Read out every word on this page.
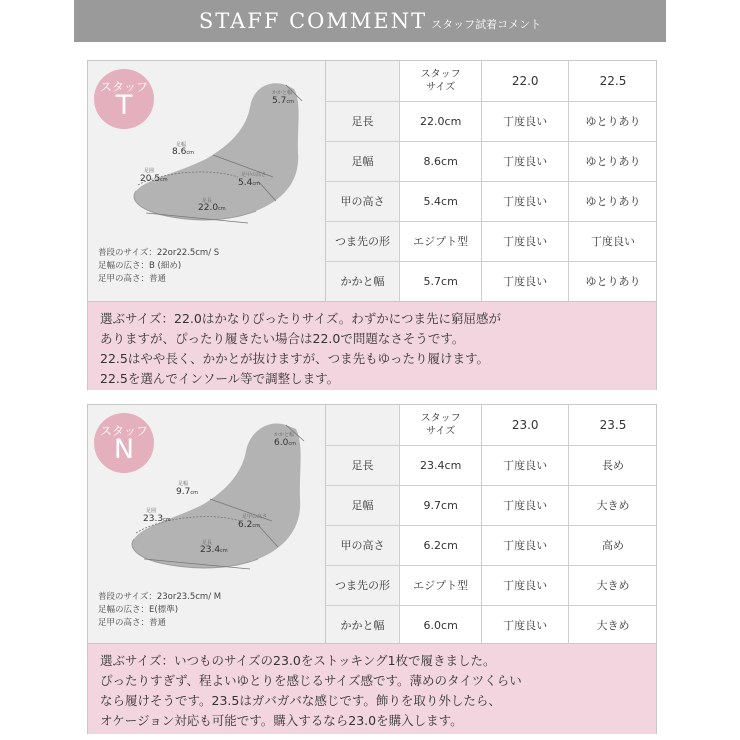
STAFF COMMENT スタッフ試着コメント
スタッフ
T	かかと幅
5.7cm
足幅
8.6cm
足囲
20.5cm
足甲の高さ
5.4cm
足長
22.0cm
普段のサイズ：22or22.5cm/ S
足幅の広さ：B (細め)
足甲の高さ：普通
	スタッフ
サイズ	22.0	22.5
足長	22.0cm	丁度良い	ゆとりあり
足幅	8.6cm	丁度良い	ゆとりあり
甲の高さ	5.4cm	丁度良い	ゆとりあり
つま先の形	エジプト型	丁度良い	丁度良い
かかと幅	5.7cm	丁度良い	ゆとりあり

選ぶサイズ：22.0はかなりぴったりサイズ。わずかにつま先に窮屈感が

ありますが、ぴったり履きたい場合は22.0で問題なさそうです。

22.5はやや長く、かかとが抜けますが、つま先もゆったり履けます。

22.5を選んでインソール等で調整します。

スタッフ
N	かかと幅
6.0cm
足幅
9.7cm
足囲
23.3cm	足甲の高さ
6.2cm
足長
23.4cm
普段のサイズ：23or23.5cm/ M
足幅の広さ：E(標準)
足甲の高さ：普通
	スタッフ
サイズ	23.0	23.5
足長	23.4cm	丁度良い	長め
足幅	9.7cm	丁度良い	大きめ
甲の高さ	6.2cm	丁度良い	高め
つま先の形	エジプト型	丁度良い	大きめ
かかと幅	6.0cm	丁度良い	大きめ

選ぶサイズ：いつものサイズの23.0をストッキング1枚で履きました。

ぴったりすぎず、程よいゆとりを感じるサイズ感です。薄めのタイツくらい

なら履けそうです。23.5はガバガバな感じです。飾りを取り外したら、

オケージョン対応も可能です。購入するなら23.0を購入します。
